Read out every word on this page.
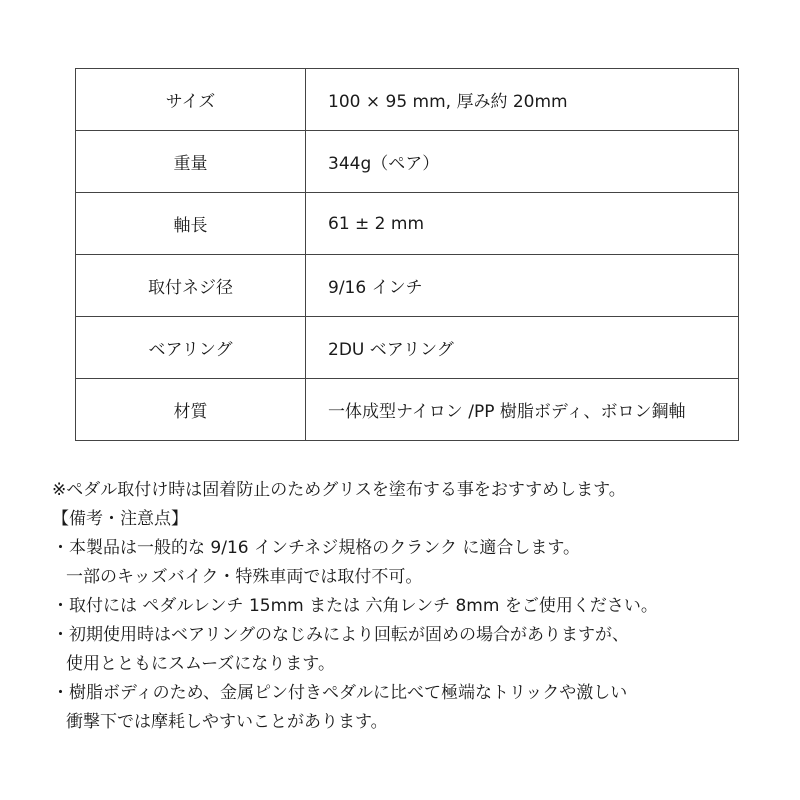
サイズ	100 × 95 mm, 厚み約 20mm
重量	344g（ペア）
軸長	61 ± 2 mm
取付ネジ径	9/16 インチ
ベアリング	2DU ベアリング
材質	一体成型ナイロン /PP 樹脂ボディ、ボロン鋼軸
※ペダル取付け時は固着防止のためグリスを塗布する事をおすすめします。
【備考・注意点】
・本製品は一般的な 9/16 インチネジ規格のクランク に適合します。
一部のキッズバイク・特殊車両では取付不可。
・取付には ペダルレンチ 15mm または 六角レンチ 8mm をご使用ください。
・初期使用時はベアリングのなじみにより回転が固めの場合がありますが、
使用とともにスムーズになります。
・樹脂ボディのため、金属ピン付きペダルに比べて極端なトリックや激しい
衝撃下では摩耗しやすいことがあります。
